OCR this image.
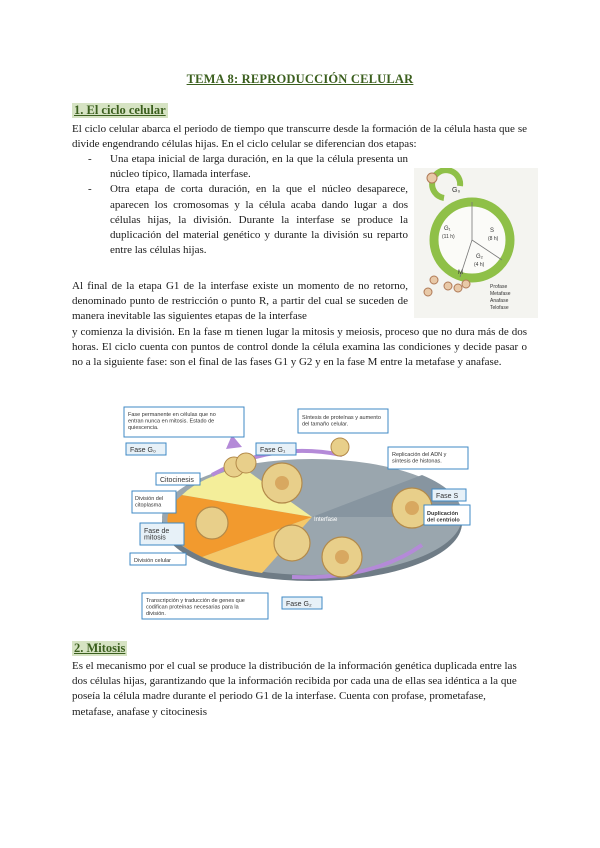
TEMA 8: REPRODUCCIÓN CELULAR
1. El ciclo celular

El ciclo celular abarca el periodo de tiempo que transcurre desde la formación de la célula hasta que se divide engendrando células hijas. En el ciclo celular se diferencian dos etapas:

- Una etapa inicial de larga duración, en la que la célula presenta un núcleo típico, llamada interfase.
- Otra etapa de corta duración, en la que el núcleo desaparece, aparecen los cromosomas y la célula acaba dando lugar a dos células hijas, la división. Durante la interfase se produce la duplicación del material genético y durante la división su reparto entre las células hijas.
G₀
G₁
(11 h)
S
(8 h)
G₂
(4 h)
M
Profase
Metafase
Anafase
Telofase

Al final de la etapa G1 de la interfase existe un momento de no retorno, denominado punto de restricción o punto R, a partir del cual se suceden de manera inevitable las siguientes etapas de la interfase

y comienza la división. En la fase m tienen lugar la mitosis y meiosis, proceso que no dura más de dos horas. El ciclo cuenta con puntos de control donde la célula examina las condiciones y decide pasar o no a la siguiente fase: son el final de las fases G1 y G2 y en la fase M entre la metafase y anafase.

Fase permanente en células que no entran nunca en mitosis. Estado de quiescencia.
Fase G₀
Síntesis de proteínas y aumento del tamaño celular.
Fase G₁
Citocinesis
División del citoplasma
Fase de mitosis
División celular
Interfase
Replicación del ADN y síntesis de histonas.
Fase S
Duplicación del centriolo
Transcripción y traducción de genes que codifican proteínas necesarias para la división.
Fase G₂
2. Mitosis

Es el mecanismo por el cual se produce la distribución de la información genética duplicada entre las dos células hijas, garantizando que la información recibida por cada una de ellas sea idéntica a la que poseía la célula madre durante el periodo G1 de la interfase. Cuenta con profase, prometafase, metafase, anafase y citocinesis
